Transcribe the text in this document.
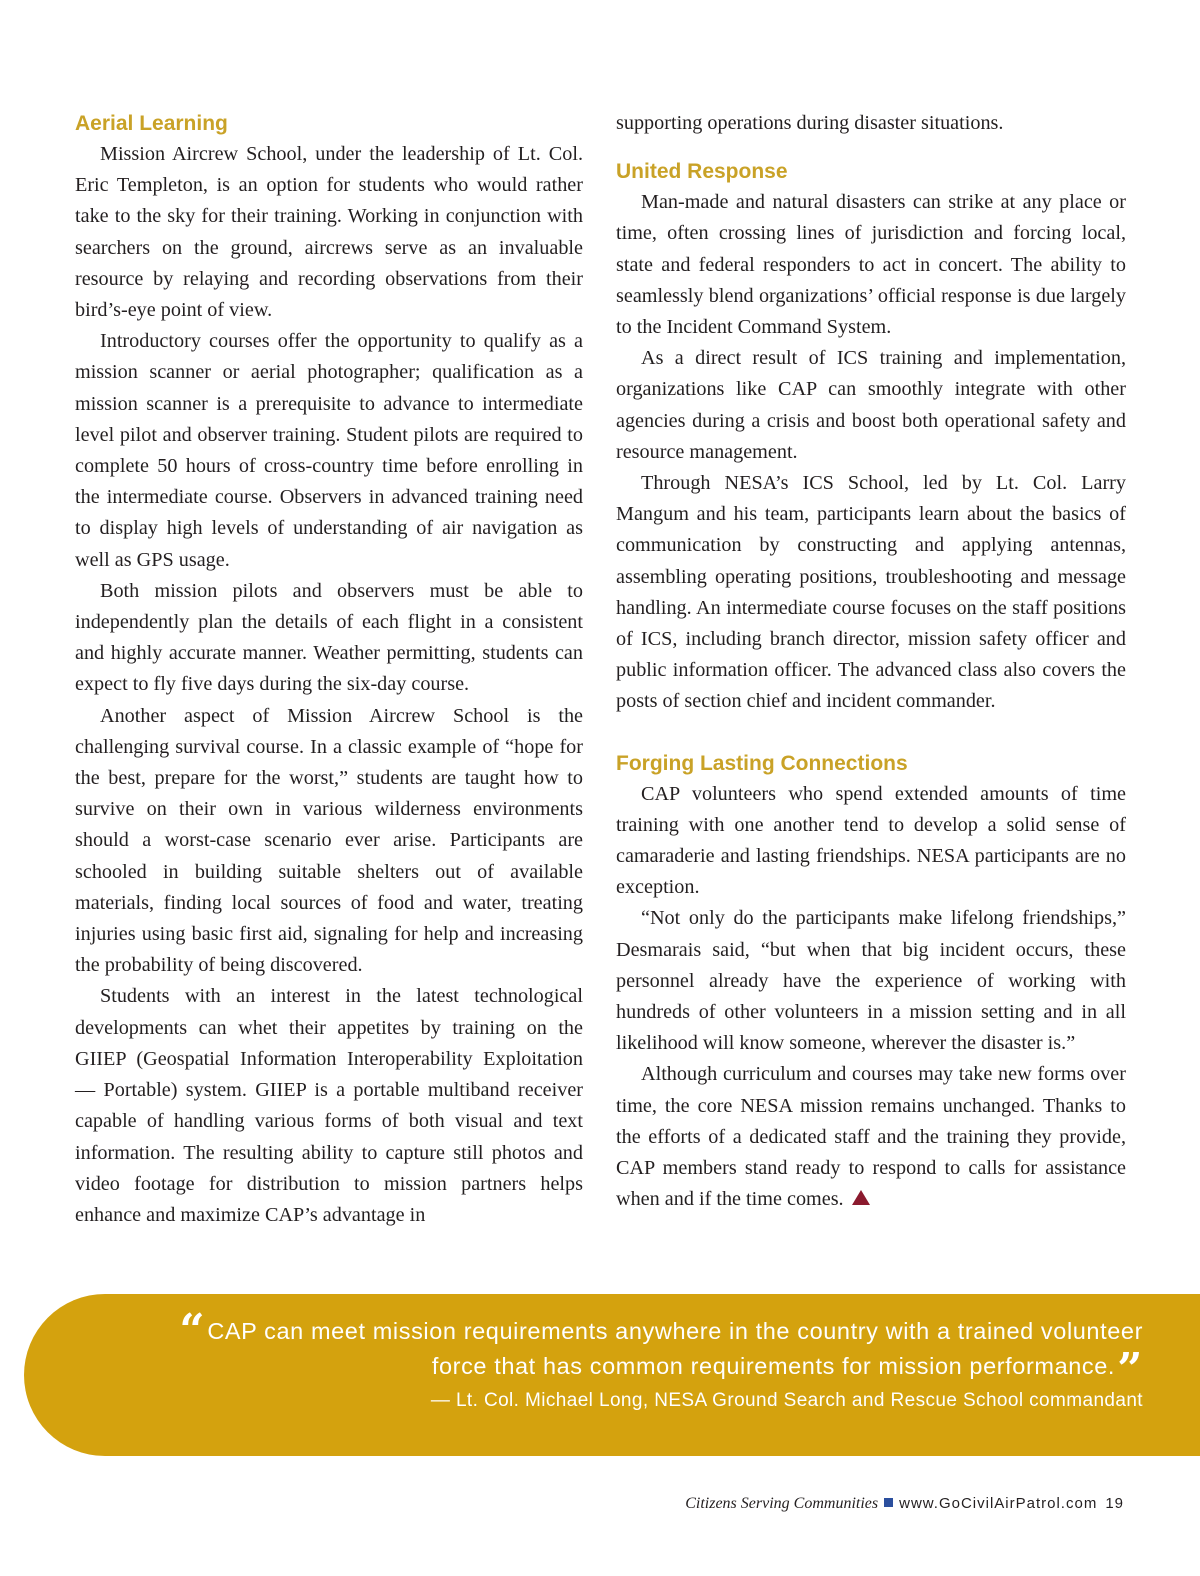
Aerial Learning

Mission Aircrew School, under the leadership of Lt. Col. Eric Templeton, is an option for students who would rather take to the sky for their training. Working in conjunction with searchers on the ground, aircrews serve as an invaluable resource by relaying and recording observations from their bird’s-eye point of view.

Introductory courses offer the opportunity to qualify as a mission scanner or aerial photographer; qualification as a mission scanner is a prerequisite to advance to intermediate level pilot and observer training. Student pilots are required to complete 50 hours of cross-country time before enrolling in the intermediate course. Observers in advanced training need to display high levels of understanding of air navigation as well as GPS usage.

Both mission pilots and observers must be able to independently plan the details of each flight in a consistent and highly accurate manner. Weather permitting, students can expect to fly five days during the six-day course.

Another aspect of Mission Aircrew School is the challenging survival course. In a classic example of “hope for the best, prepare for the worst,” students are taught how to survive on their own in various wilderness environments should a worst-case scenario ever arise. Participants are schooled in building suitable shelters out of available materials, finding local sources of food and water, treating injuries using basic first aid, signaling for help and increasing the probability of being discovered.

Students with an interest in the latest technological developments can whet their appetites by training on the GIIEP (Geospatial Information Interoperability Exploitation — Portable) system. GIIEP is a portable multiband receiver capable of handling various forms of both visual and text information. The resulting ability to capture still photos and video footage for distribution to mission partners helps enhance and maximize CAP’s advantage in

supporting operations during disaster situations.

United Response

Man-made and natural disasters can strike at any place or time, often crossing lines of jurisdiction and forcing local, state and federal responders to act in concert. The ability to seamlessly blend organizations’ official response is due largely to the Incident Command System.

As a direct result of ICS training and implementation, organizations like CAP can smoothly integrate with other agencies during a crisis and boost both operational safety and resource management.

Through NESA’s ICS School, led by Lt. Col. Larry Mangum and his team, participants learn about the basics of communication by constructing and applying antennas, assembling operating positions, troubleshooting and message handling. An intermediate course focuses on the staff positions of ICS, including branch director, mission safety officer and public information officer. The advanced class also covers the posts of section chief and incident commander.

Forging Lasting Connections

CAP volunteers who spend extended amounts of time training with one another tend to develop a solid sense of camaraderie and lasting friendships. NESA participants are no exception.

“Not only do the participants make lifelong friendships,” Desmarais said, “but when that big incident occurs, these personnel already have the experience of working with hundreds of other volunteers in a mission setting and in all likelihood will know someone, wherever the disaster is.”

Although curriculum and courses may take new forms over time, the core NESA mission remains unchanged. Thanks to the efforts of a dedicated staff and the training they provide, CAP members stand ready to respond to calls for assistance when and if the time comes.

“CAP can meet mission requirements anywhere in the country with a trained volunteer force that has common requirements for mission performance.”
— Lt. Col. Michael Long, NESA Ground Search and Rescue School commandant
Citizens Serving Communities www.GoCivilAirPatrol.com 19
